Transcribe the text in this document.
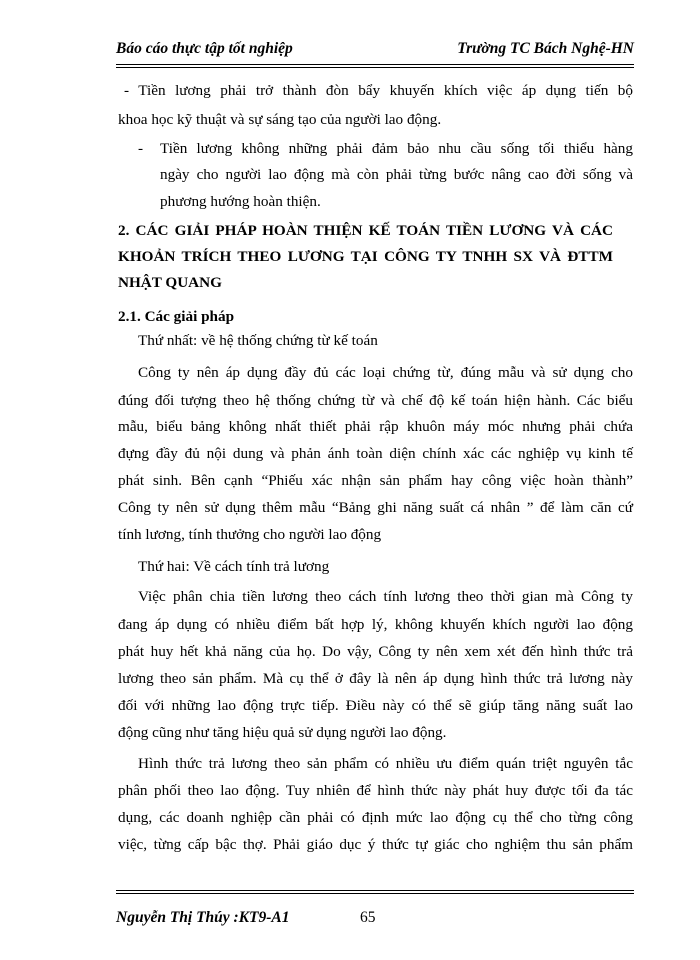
Báo cáo thực tập tốt nghiệp	Trường TC Bách Nghệ-HN
- Tiền lương phải trở thành đòn bẩy khuyến khích việc áp dụng tiến bộ
khoa học kỹ thuật và sự sáng tạo của người lao động.
- Tiền lương không những phải đảm bảo nhu cầu sống tối thiểu hàng
ngày cho người lao động mà còn phải từng bước nâng cao đời sống và
phương hướng hoàn thiện.
2. CÁC GIẢI PHÁP HOÀN THIỆN KẾ TOÁN TIỀN LƯƠNG VÀ CÁC
KHOẢN TRÍCH THEO LƯƠNG TẠI CÔNG TY TNHH SX VÀ ĐTTM
NHẬT QUANG
2.1. Các giải pháp
Thứ nhất: về hệ thống chứng từ kế toán
Công ty nên áp dụng đầy đủ các loại chứng từ, đúng mẫu và sử dụng cho
đúng đối tượng theo hệ thống chứng từ và chế độ kế toán hiện hành. Các biểu
mẫu, biểu bảng không nhất thiết phải rập khuôn máy móc nhưng phải chứa
đựng đầy đủ nội dung và phản ánh toàn diện chính xác các nghiệp vụ kinh tế
phát sinh. Bên cạnh “Phiếu xác nhận sản phẩm hay công việc hoàn thành”
Công ty nên sử dụng thêm mẫu “Bảng ghi năng suất cá nhân ” để làm căn cứ
tính lương, tính thưởng cho người lao động
Thứ hai: Về cách tính trả lương
Việc phân chia tiền lương theo cách tính lương theo thời gian mà Công ty
đang áp dụng có nhiều điểm bất hợp lý, không khuyến khích người lao động
phát huy hết khả năng của họ. Do vậy, Công ty nên xem xét đến hình thức trả
lương theo sản phẩm. Mà cụ thể ở đây là nên áp dụng hình thức trả lương này
đối với những lao động trực tiếp. Điều này có thể sẽ giúp tăng năng suất lao
động cũng như tăng hiệu quả sử dụng người lao động.
Hình thức trả lương theo sản phẩm có nhiều ưu điểm quán triệt nguyên tắc
phân phối theo lao động. Tuy nhiên để hình thức này phát huy được tối đa tác
dụng, các doanh nghiệp cần phải có định mức lao động cụ thể cho từng công
việc, từng cấp bậc thợ. Phải giáo dục ý thức tự giác cho nghiệm thu sản phẩm
Nguyễn Thị Thúy :KT9-A1	65
